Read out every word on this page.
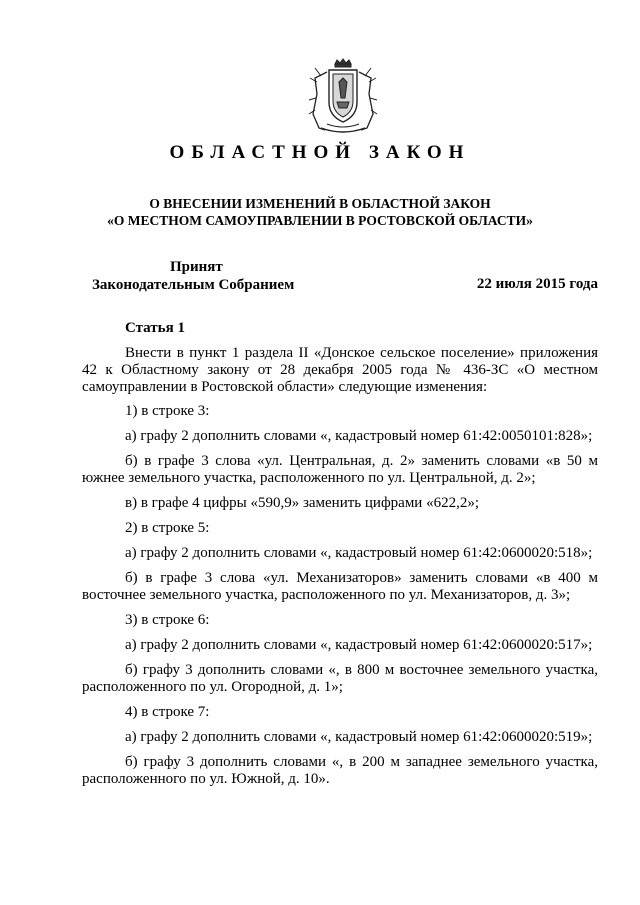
ОБЛАСТНОЙ ЗАКОН
О ВНЕСЕНИИ ИЗМЕНЕНИЙ В ОБЛАСТНОЙ ЗАКОН
«О МЕСТНОМ САМОУПРАВЛЕНИИ В РОСТОВСКОЙ ОБЛАСТИ»
Принят
Законодательным Собранием	22 июля 2015 года
Статья 1

Внести в пункт 1 раздела II «Донское сельское поселение» приложения 42 к Областному закону от 28 декабря 2005 года № 436-ЗС «О местном самоуправлении в Ростовской области» следующие изменения:

1) в строке 3:

а) графу 2 дополнить словами «, кадастровый номер 61:42:0050101:828»;

б) в графе 3 слова «ул. Центральная, д. 2» заменить словами «в 50 м южнее земельного участка, расположенного по ул. Центральной, д. 2»;

в) в графе 4 цифры «590,9» заменить цифрами «622,2»;

2) в строке 5:

а) графу 2 дополнить словами «, кадастровый номер 61:42:0600020:518»;

б) в графе 3 слова «ул. Механизаторов» заменить словами «в 400 м восточнее земельного участка, расположенного по ул. Механизаторов, д. 3»;

3) в строке 6:

а) графу 2 дополнить словами «, кадастровый номер 61:42:0600020:517»;

б) графу 3 дополнить словами «, в 800 м восточнее земельного участка, расположенного по ул. Огородной, д. 1»;

4) в строке 7:

а) графу 2 дополнить словами «, кадастровый номер 61:42:0600020:519»;

б) графу 3 дополнить словами «, в 200 м западнее земельного участка, расположенного по ул. Южной, д. 10».
